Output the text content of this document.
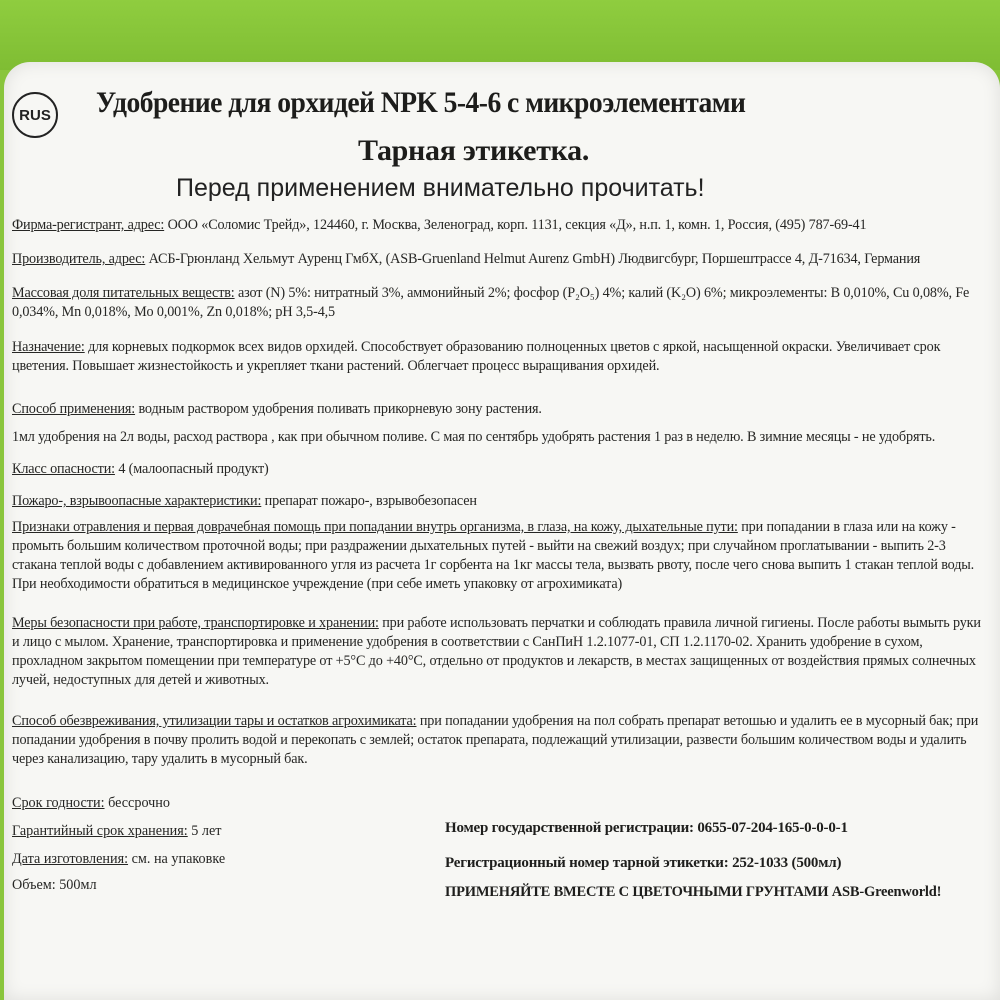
RUS Удобрение для орхидей NPK 5-4-6 с микроэлементами
Тарная этикетка.
Перед применением внимательно прочитать!
Фирма-регистрант, адрес: ООО «Соломис Трейд», 124460, г. Москва, Зеленоград, корп. 1131, секция «Д», н.п. 1, комн. 1, Россия, (495) 787-69-41
Производитель, адрес: АСБ-Грюнланд Хельмут Ауренц ГмбХ, (ASB-Gruenland Helmut Aurenz GmbH) Людвигсбург, Поршештрассе 4, Д-71634, Германия
Массовая доля питательных веществ: азот (N) 5%: нитратный 3%, аммонийный 2%; фосфор (P₂O₅) 4%; калий (K₂O) 6%; микроэлементы: B 0,010%, Cu 0,08%, Fe 0,034%, Mn 0,018%, Mo 0,001%, Zn 0,018%; pH 3,5-4,5
Назначение: для корневых подкормок всех видов орхидей. Способствует образованию полноценных цветов с яркой, насыщенной окраски. Увеличивает срок цветения. Повышает жизнестойкость и укрепляет ткани растений. Облегчает процесс выращивания орхидей.
Способ применения: водным раствором удобрения поливать прикорневую зону растения.
1мл удобрения на 2л воды, расход раствора , как при обычном поливе. С мая по сентябрь удобрять растения 1 раз в неделю. В зимние месяцы - не удобрять.
Класс опасности: 4 (малоопасный продукт)
Пожаро-, взрывоопасные характеристики: препарат пожаро-, взрывобезопасен
Признаки отравления и первая доврачебная помощь при попадании внутрь организма, в глаза, на кожу, дыхательные пути: при попадании в глаза или на кожу - промыть большим количеством проточной воды; при раздражении дыхательных путей - выйти на свежий воздух; при случайном проглатывании - выпить 2-3 стакана теплой воды с добавлением активированного угля из расчета 1г сорбента на 1кг массы тела, вызвать рвоту, после чего снова выпить 1 стакан теплой воды. При необходимости обратиться в медицинское учреждение (при себе иметь упаковку от агрохимиката)
Меры безопасности при работе, транспортировке и хранении: при работе использовать перчатки и соблюдать правила личной гигиены. После работы вымыть руки и лицо с мылом. Хранение, транспортировка и применение удобрения в соответствии с СанПиН 1.2.1077-01, СП 1.2.1170-02. Хранить удобрение в сухом, прохладном закрытом помещении при температуре от +5°С до +40°С, отдельно от продуктов и лекарств, в местах защищенных от воздействия прямых солнечных лучей, недоступных для детей и животных.
Способ обезвреживания, утилизации тары и остатков агрохимиката: при попадании удобрения на пол собрать препарат ветошью и удалить ее в мусорный бак; при попадании удобрения в почву пролить водой и перекопать с землей; остаток препарата, подлежащий утилизации, развести большим количеством воды и удалить через канализацию, тару удалить в мусорный бак.
Срок годности: бессрочно
Гарантийный срок хранения: 5 лет
Дата изготовления: см. на упаковке
Объем: 500мл
Номер государственной регистрации: 0655-07-204-165-0-0-0-1
Регистрационный номер тарной этикетки: 252-1033 (500мл)
ПРИМЕНЯЙТЕ ВМЕСТЕ С ЦВЕТОЧНЫМИ ГРУНТАМИ ASB-Greenworld!
